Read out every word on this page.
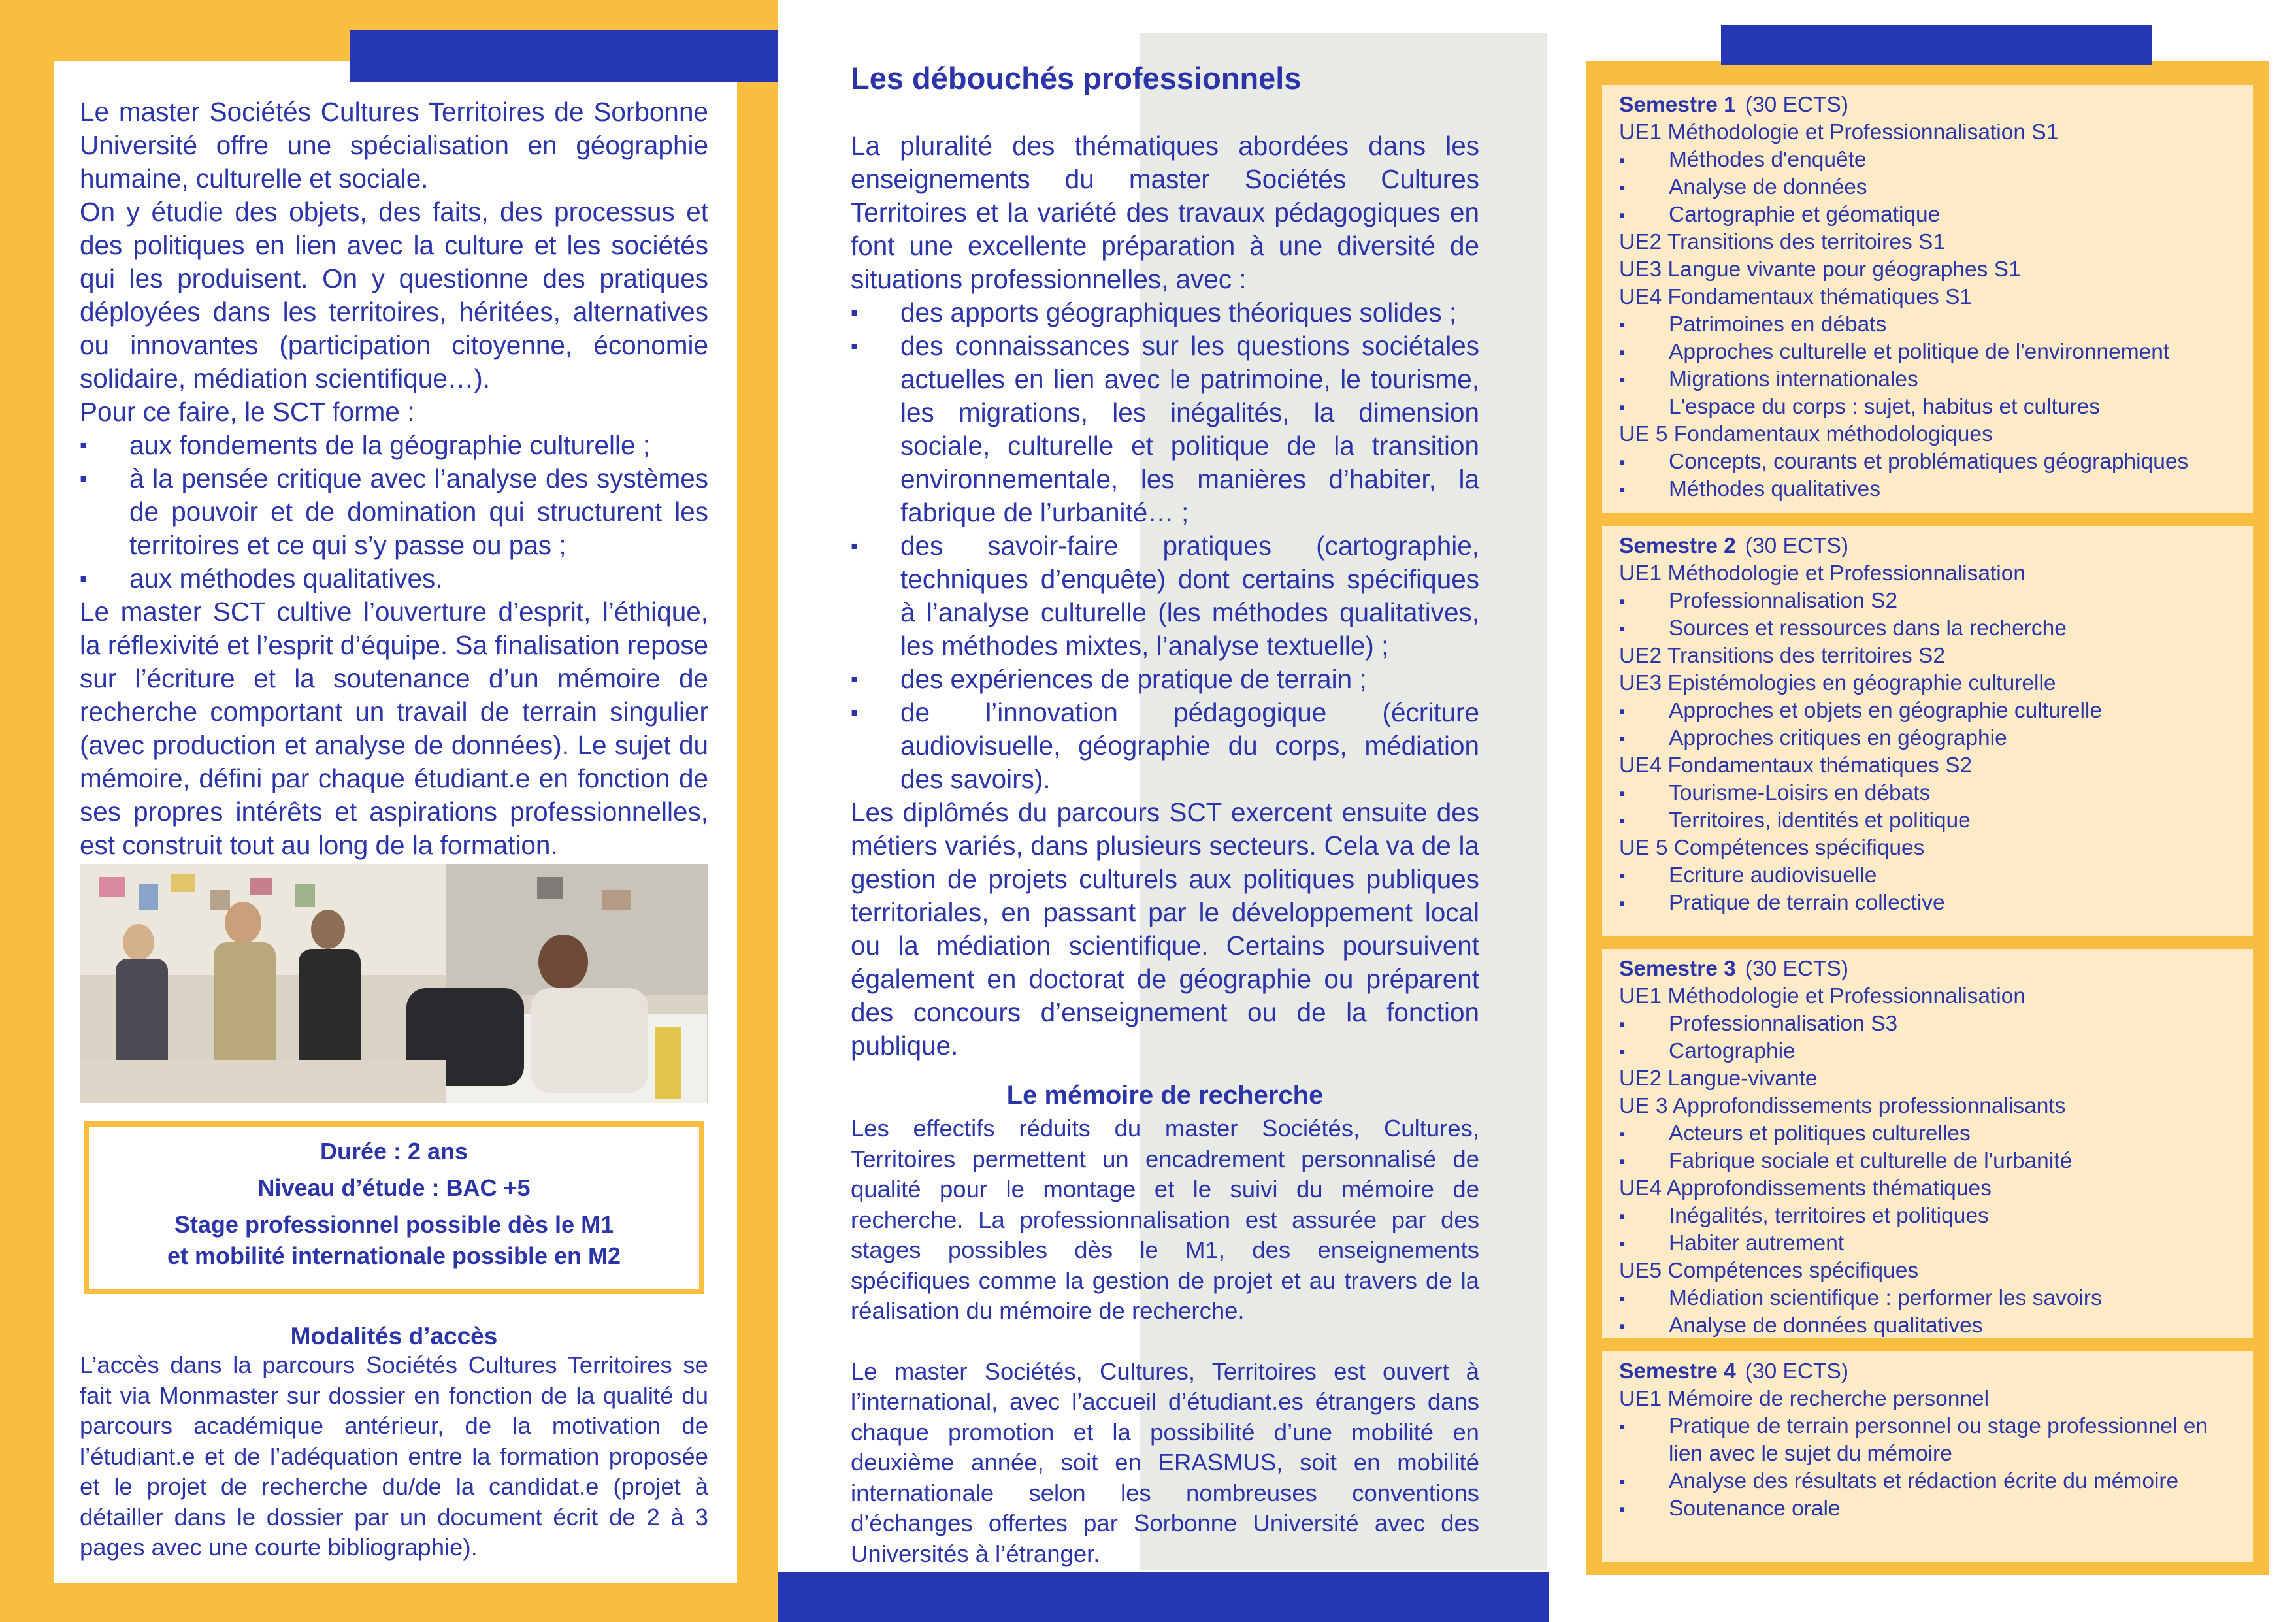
Le master Sociétés Cultures Territoires de Sorbonne Université offre une spécialisation en géographie humaine, culturelle et sociale.

On y étudie des objets, des faits, des processus et des politiques en lien avec la culture et les sociétés qui les produisent. On y questionne des pratiques déployées dans les territoires, héritées, alternatives ou innovantes (participation citoyenne, économie solidaire, médiation scientifique…).

Pour ce faire, le SCT forme :

▪ aux fondements de la géographie culturelle ;
▪ à la pensée critique avec l’analyse des systèmes de pouvoir et de domination qui structurent les territoires et ce qui s’y passe ou pas ;
▪ aux méthodes qualitatives.

Le master SCT cultive l’ouverture d’esprit, l’éthique, la réflexivité et l’esprit d’équipe. Sa finalisation repose sur l’écriture et la soutenance d’un mémoire de recherche comportant un travail de terrain singulier (avec production et analyse de données). Le sujet du mémoire, défini par chaque étudiant.e en fonction de ses propres intérêts et aspirations professionnelles, est construit tout au long de la formation.

Durée : 2 ans
Niveau d’étude : BAC +5
Stage professionnel possible dès le M1
et mobilité internationale possible en M2
Modalités d’accès
L’accès dans la parcours Sociétés Cultures Territoires se fait via Monmaster sur dossier en fonction de la qualité du parcours académique antérieur, de la motivation de l’étudiant.e et de l’adéquation entre la formation proposée et le projet de recherche du/de la candidat.e (projet à détailler dans le dossier par un document écrit de 2 à 3 pages avec une courte bibliographie).
Les débouchés professionnels

La pluralité des thématiques abordées dans les enseignements du master Sociétés Cultures Territoires et la variété des travaux pédagogiques en font une excellente préparation à une diversité de situations professionnelles, avec :

▪ des apports géographiques théoriques solides ;
▪ des connaissances sur les questions sociétales actuelles en lien avec le patrimoine, le tourisme, les migrations, les inégalités, la dimension sociale, culturelle et politique de la transition environnementale, les manières d’habiter, la fabrique de l’urbanité… ;
▪ des savoir-faire pratiques (cartographie, techniques d’enquête) dont certains spécifiques à l’analyse culturelle (les méthodes qualitatives, les méthodes mixtes, l’analyse textuelle) ;
▪ des expériences de pratique de terrain ;
▪ de l’innovation pédagogique (écriture audiovisuelle, géographie du corps, médiation des savoirs).

Les diplômés du parcours SCT exercent ensuite des métiers variés, dans plusieurs secteurs. Cela va de la gestion de projets culturels aux politiques publiques territoriales, en passant par le développement local ou la médiation scientifique. Certains poursuivent également en doctorat de géographie ou préparent des concours d’enseignement ou de la fonction publique.

Le mémoire de recherche

Les effectifs réduits du master Sociétés, Cultures, Territoires permettent un encadrement personnalisé de qualité pour le montage et le suivi du mémoire de recherche. La professionnalisation est assurée par des stages possibles dès le M1, des enseignements spécifiques comme la gestion de projet et au travers de la réalisation du mémoire de recherche.

Le master Sociétés, Cultures, Territoires est ouvert à l’international, avec l’accueil d’étudiant.es étrangers dans chaque promotion et la possibilité d’une mobilité en deuxième année, soit en ERASMUS, soit en mobilité internationale selon les nombreuses conventions d’échanges offertes par Sorbonne Université avec des Universités à l’étranger.

Semestre 1 (30 ECTS)
UE1 Méthodologie et Professionnalisation S1
▪ Méthodes d'enquête
▪ Analyse de données
▪ Cartographie et géomatique
UE2 Transitions des territoires S1
UE3 Langue vivante pour géographes S1
UE4 Fondamentaux thématiques S1
▪ Patrimoines en débats
▪ Approches culturelle et politique de l'environnement
▪ Migrations internationales
▪ L'espace du corps : sujet, habitus et cultures
UE 5 Fondamentaux méthodologiques
▪ Concepts, courants et problématiques géographiques
▪ Méthodes qualitatives
Semestre 2 (30 ECTS)
UE1 Méthodologie et Professionnalisation
▪ Professionnalisation S2
▪ Sources et ressources dans la recherche
UE2 Transitions des territoires S2
UE3 Epistémologies en géographie culturelle
▪ Approches et objets en géographie culturelle
▪ Approches critiques en géographie
UE4 Fondamentaux thématiques S2
▪ Tourisme-Loisirs en débats
▪ Territoires, identités et politique
UE 5 Compétences spécifiques
▪ Ecriture audiovisuelle
▪ Pratique de terrain collective
Semestre 3 (30 ECTS)
UE1 Méthodologie et Professionnalisation
▪ Professionnalisation S3
▪ Cartographie
UE2 Langue-vivante
UE 3 Approfondissements professionnalisants
▪ Acteurs et politiques culturelles
▪ Fabrique sociale et culturelle de l'urbanité
UE4 Approfondissements thématiques
▪ Inégalités, territoires et politiques
▪ Habiter autrement
UE5 Compétences spécifiques
▪ Médiation scientifique : performer les savoirs
▪ Analyse de données qualitatives
Semestre 4 (30 ECTS)
UE1 Mémoire de recherche personnel
▪ Pratique de terrain personnel ou stage professionnel en lien avec le sujet du mémoire
▪ Analyse des résultats et rédaction écrite du mémoire
▪ Soutenance orale
